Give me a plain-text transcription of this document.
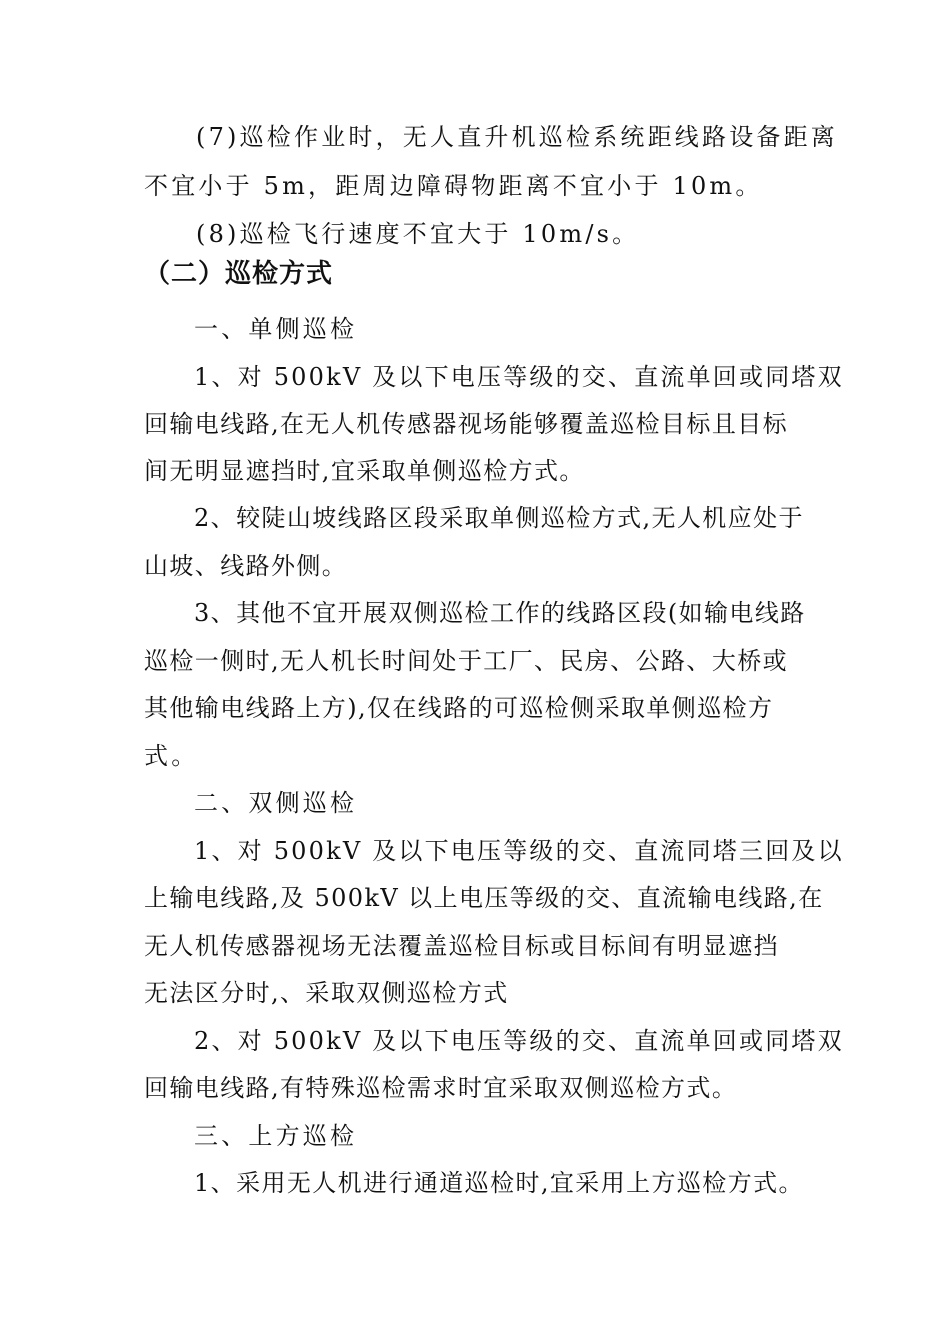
(7)巡检作业时，无人直升机巡检系统距线路设备距离
不宜小于 5m，距周边障碍物距离不宜小于 10m。
(8)巡检飞行速度不宜大于 10m/s。
（二）巡检方式
一、单侧巡检
1、对 500kV 及以下电压等级的交、直流单回或同塔双
回输电线路,在无人机传感器视场能够覆盖巡检目标且目标
间无明显遮挡时,宜采取单侧巡检方式。
2、较陡山坡线路区段采取单侧巡检方式,无人机应处于
山坡、线路外侧。
3、其他不宜开展双侧巡检工作的线路区段(如输电线路
巡检一侧时,无人机长时间处于工厂、民房、公路、大桥或
其他输电线路上方),仅在线路的可巡检侧采取单侧巡检方
式。
二、双侧巡检
1、对 500kV 及以下电压等级的交、直流同塔三回及以
上输电线路,及 500kV 以上电压等级的交、直流输电线路,在
无人机传感器视场无法覆盖巡检目标或目标间有明显遮挡
无法区分时,、采取双侧巡检方式
2、对 500kV 及以下电压等级的交、直流单回或同塔双
回输电线路,有特殊巡检需求时宜采取双侧巡检方式。
三、上方巡检
1、采用无人机进行通道巡检时,宜采用上方巡检方式。
